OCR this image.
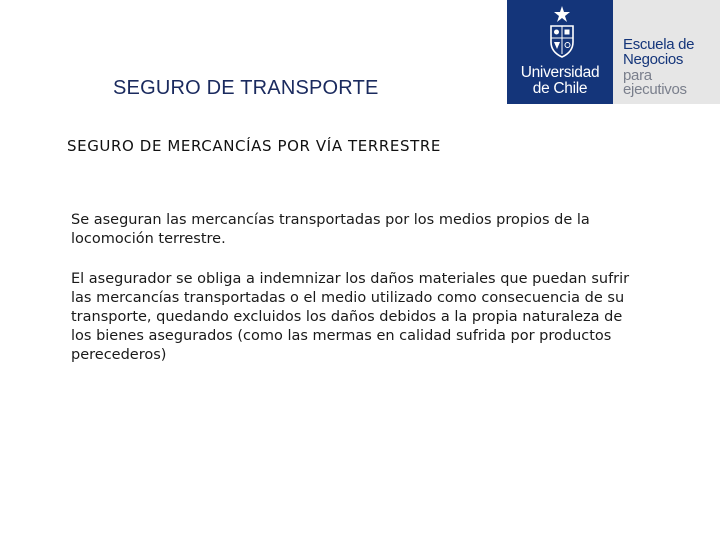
Universidad
de Chile
Escuela de
Negocios
para
ejecutivos
SEGURO DE TRANSPORTE
SEGURO DE MERCANCÍAS POR VÍA TERRESTRE

Se aseguran las mercancías transportadas por los medios propios de la locomoción terrestre.

El asegurador se obliga a indemnizar los daños materiales que puedan sufrir las mercancías transportadas o el medio utilizado como consecuencia de su transporte, quedando excluidos los daños debidos a la propia naturaleza de los bienes asegurados (como las mermas en calidad sufrida por productos perecederos)
